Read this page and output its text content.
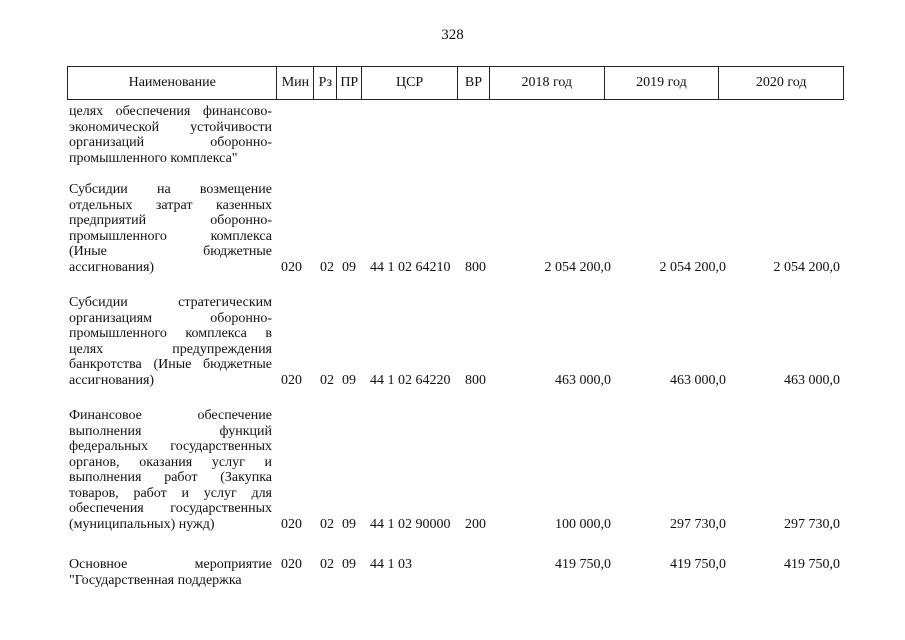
328
Наименование	Мин Рз ПР	ЦСР	ВР	2018 год	2019 год	2020 год
целях обеспечения финансово-
экономической устойчивости
организаций оборонно-
промышленного комплекса"
Субсидии на возмещение
отдельных затрат казенных
предприятий оборонно-
промышленного комплекса
(Иные бюджетные
ассигнования)	020 02 09 44 1 02 64210 800	2 054 200,0	2 054 200,0	2 054 200,0
Субсидии стратегическим
организациям оборонно-
промышленного комплекса в
целях предупреждения
банкротства (Иные бюджетные
ассигнования)	020 02 09 44 1 02 64220 800	463 000,0	463 000,0	463 000,0
Финансовое обеспечение
выполнения функций
федеральных государственных
органов, оказания услуг и
выполнения работ (Закупка
товаров, работ и услуг для
обеспечения государственных
(муниципальных) нужд)	020 02 09 44 1 02 90000 200	100 000,0	297 730,0	297 730,0
Основное мероприятие
"Государственная поддержка
020 02 09 44 1 03	419 750,0	419 750,0	419 750,0
